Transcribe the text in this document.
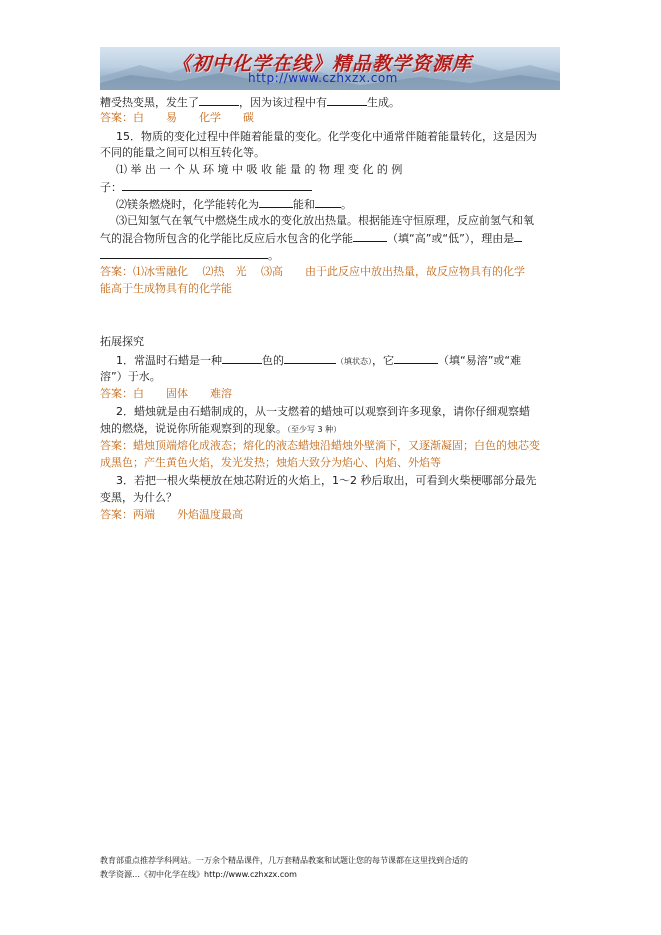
《初中化学在线》精品教学资源库
http://www.czhxzx.com
糟受热变黑，发生了	，因为该过程中有	生成。
答案：白　　易　　化学　　碳
15．物质的变化过程中伴随着能量的变化。化学变化中通常伴随着能量转化，这是因为
不同的能量之间可以相互转化等。
⑴ 举 出 一 个 从 环 境 中 吸 收 能 量 的 物 理 变 化 的 例
子：
⑵镁条燃烧时，化学能转化为	能和 。
⑶已知氢气在氧气中燃烧生成水的变化放出热量。根据能连守恒原理，反应前氢气和氧
气的混合物所包含的化学能比反应后水包含的化学能	（填“高”或“低”），理由是
。
答案：⑴冰雪融化　 ⑵热　光　 ⑶高　　由于此反应中放出热量，故反应物具有的化学
能高于生成物具有的化学能
拓展探究
1．常温时石蜡是一种	色的	（填状态），它	（填“易溶”或“难
溶”）于水。
答案：白　　固体　　难溶
2．蜡烛就是由石蜡制成的，从一支燃着的蜡烛可以观察到许多现象，请你仔细观察蜡
烛的燃烧，说说你所能观察到的现象。（至少写 3 种）
答案：蜡烛顶端熔化成液态；熔化的液态蜡烛沿蜡烛外壁淌下，又逐渐凝固；白色的烛芯变
成黑色；产生黄色火焰，发光发热；烛焰大致分为焰心、内焰、外焰等
3．若把一根火柴梗放在烛芯附近的火焰上，1～2 秒后取出，可看到火柴梗哪部分最先
变黑，为什么？
答案：两端　　外焰温度最高
教育部重点推荐学科网站。一万余个精品课件，几万套精品教案和试题让您的每节课都在这里找到合适的
教学资源…《初中化学在线》http://www.czhxzx.com
